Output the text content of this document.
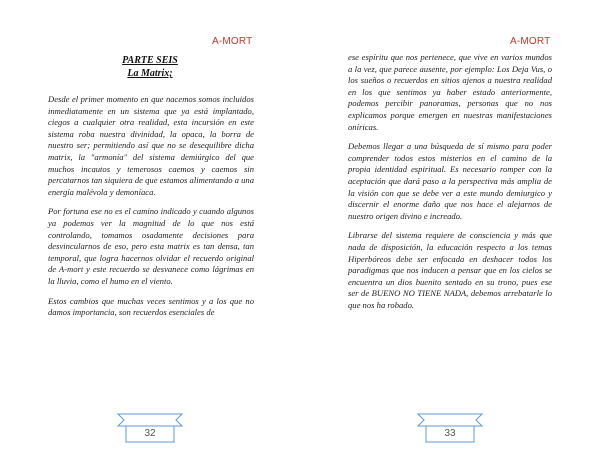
A-MORT
PARTE SEIS
La Matrix;

Desde el primer momento en que nacemos somos incluidos inmediatamente en un sistema que ya está implantado, ciegos a cualquier otra realidad, esta incursión en este sistema roba nuestra divinidad, la opaca, la borra de nuestro ser; permitiendo así que no se desequilibre dicha matrix, la "armonía" del sistema demiúrgico del que muchos incautos y temerosos caemos y caemos sin percatarnos tan siquiera de que estamos alimentando a una energía malévola y demoníaca.

Por fortuna ese no es el camino indicado y cuando algunos ya podemos ver la magnitud de lo que nos está controlando, tomamos osadamente decisiones para desvincularnos de eso, pero esta matrix es tan densa, tan temporal, que logra hacernos olvidar el recuerdo original de A-mort y este recuerdo se desvanece como lágrimas en la lluvia, como el humo en el viento.

Estos cambios que muchas veces sentimos y a los que no damos importancia, son recuerdos esenciales de

32
A-MORT

ese espíritu que nos pertenece, que vive en varios mundos a la vez, que parece ausente, por ejemplo: Los Deja Vus, o los sueños o recuerdos en sitios ajenos a nuestra realidad en los que sentimos ya haber estado anteriormente, podemos percibir panoramas, personas que no nos explicamos porque emergen en nuestras manifestaciones oníricas.

Debemos llegar a una búsqueda de sí mismo para poder comprender todos estos misterios en el camino de la propia identidad espiritual. Es necesario romper con la aceptación que dará paso a la perspectiva más amplia de la visión con que se debe ver a este mundo demiurgico y discernir el enorme daño que nos hace el alejarnos de nuestro origen divino e increado.

Librarse del sistema requiere de consciencia y más que nada de disposición, la educación respecto a los temas Hiperbóreos debe ser enfocada en deshacer todos los paradigmas que nos inducen a pensar que en los cielos se encuentra un dios buenito sentado en su trono, pues ese ser de BUENO NO TIENE NADA, debemos arrebatarle lo que nos ha robado.

33
